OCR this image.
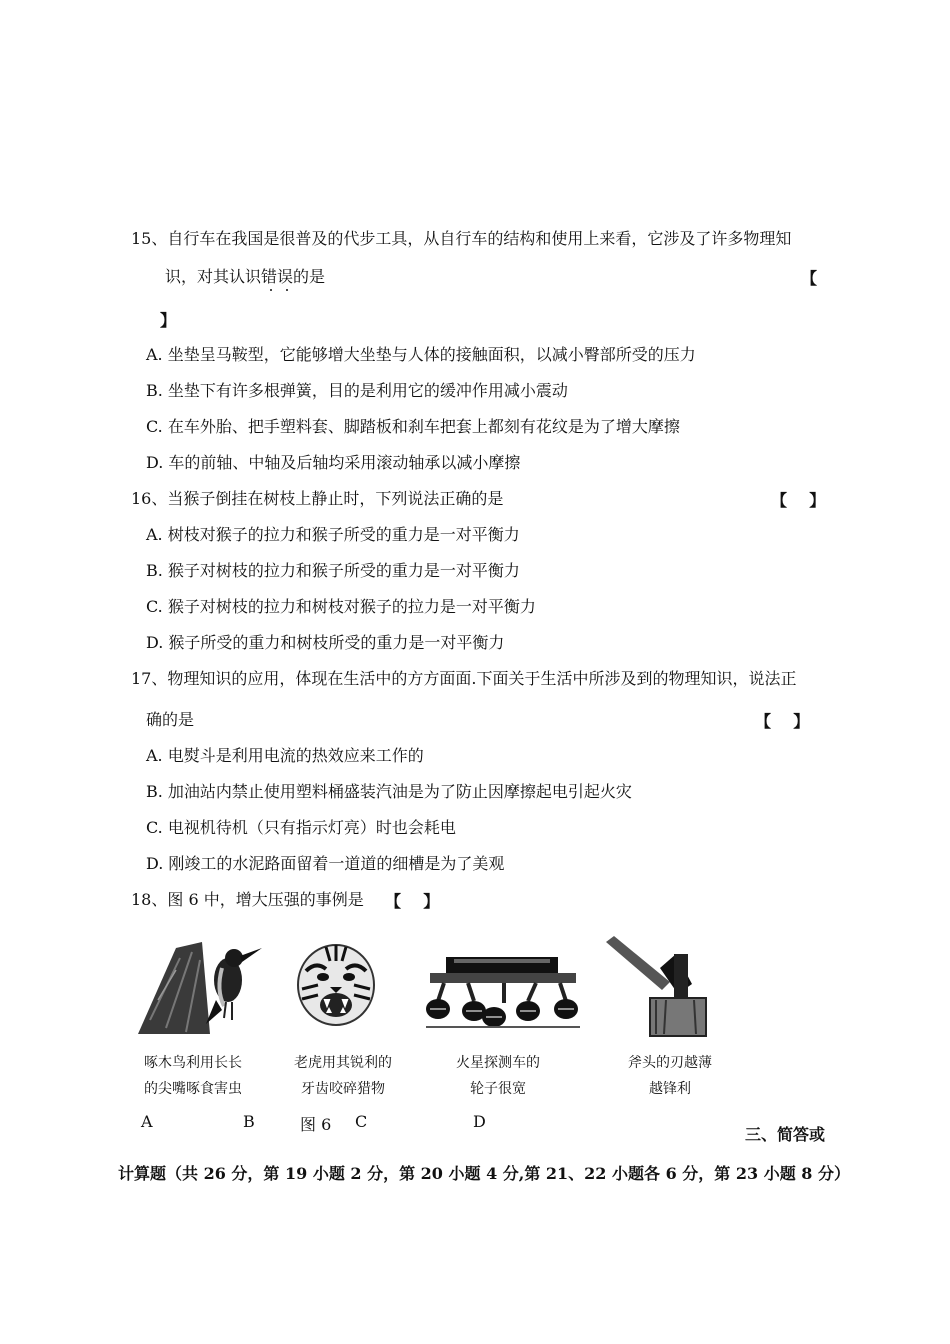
15、自行车在我国是很普及的代步工具，从自行车的结构和使用上来看，它涉及了许多物理知
识，对其认识错误的是	【
】
A. 坐垫呈马鞍型，它能够增大坐垫与人体的接触面积，以减小臀部所受的压力
B. 坐垫下有许多根弹簧，目的是利用它的缓冲作用减小震动
C. 在车外胎、把手塑料套、脚踏板和刹车把套上都刻有花纹是为了增大摩擦
D. 车的前轴、中轴及后轴均采用滚动轴承以减小摩擦
16、当猴子倒挂在树枝上静止时，下列说法正确的是	【    】
A. 树枝对猴子的拉力和猴子所受的重力是一对平衡力
B. 猴子对树枝的拉力和猴子所受的重力是一对平衡力
C. 猴子对树枝的拉力和树枝对猴子的拉力是一对平衡力
D. 猴子所受的重力和树枝所受的重力是一对平衡力
17、物理知识的应用，体现在生活中的方方面面.下面关于生活中所涉及到的物理知识，说法正
确的是	【    】
A. 电熨斗是利用电流的热效应来工作的
B. 加油站内禁止使用塑料桶盛装汽油是为了防止因摩擦起电引起火灾
C. 电视机待机（只有指示灯亮）时也会耗电
D. 刚竣工的水泥路面留着一道道的细槽是为了美观
18、图 6 中，增大压强的事例是 【    】
啄木鸟利用长长
的尖嘴啄食害虫
老虎用其锐利的
牙齿咬碎猎物
火星探测车的
轮子很宽
斧头的刃越薄
越锋利
A	B	图 6 C	D
三、简答或
计算题（共 26 分，第 19 小题 2 分，第 20 小题 4 分,第 21、22 小题各 6 分，第 23 小题 8 分）
